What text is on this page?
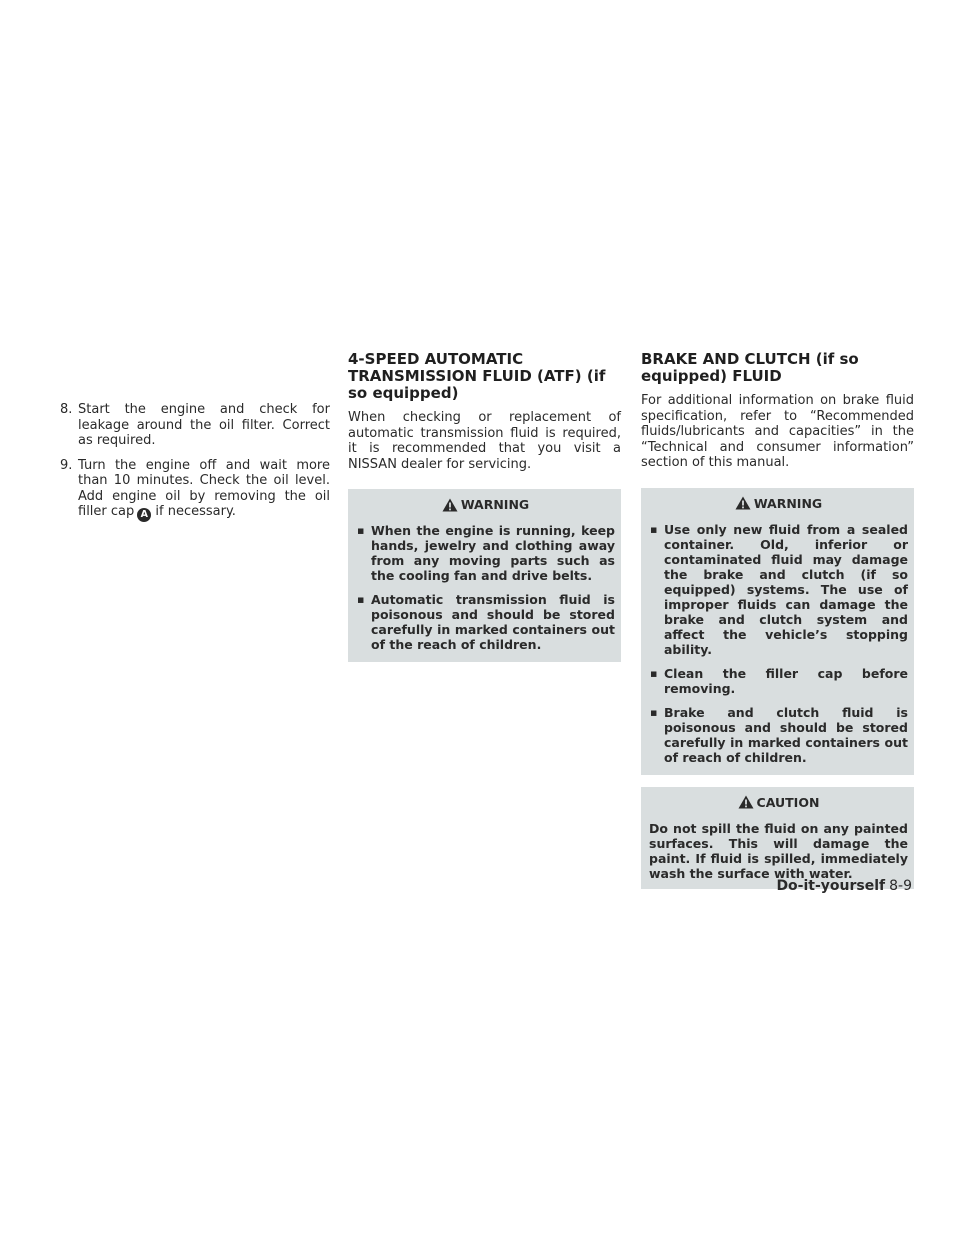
8 . Start the engine and check for leakage around the oil filter. Correct as required.
9 . Turn the engine off and wait more than 10 minutes. Check the oil level. Add engine oil by removing the oil filler cap A if necessary.
4-SPEED AUTOMATIC TRANSMISSION FLUID (ATF) (if so equipped)

When checking or replacement of automatic transmission fluid is required, it is recommended that you visit a NISSAN dealer for servicing.

WARNING
▪ When the engine is running, keep hands, jewelry and clothing away from any moving parts such as the cooling fan and drive belts.
▪ Automatic transmission fluid is poisonous and should be stored carefully in marked containers out of the reach of children.
BRAKE AND CLUTCH (if so equipped) FLUID

For additional information on brake fluid specification, refer to “Recommended fluids/lubricants and capacities” in the “Technical and consumer information” section of this manual.

WARNING
▪ Use only new fluid from a sealed container. Old, inferior or contaminated fluid may damage the brake and clutch (if so equipped) systems. The use of improper fluids can damage the brake and clutch system and affect the vehicle’s stopping ability.
▪ Clean the filler cap before removing.
▪ Brake and clutch fluid is poisonous and should be stored carefully in marked containers out of reach of children.
CAUTION

Do not spill the fluid on any painted surfaces. This will damage the paint. If fluid is spilled, immediately wash the surface with water.

Do-it-yourself 8-9
